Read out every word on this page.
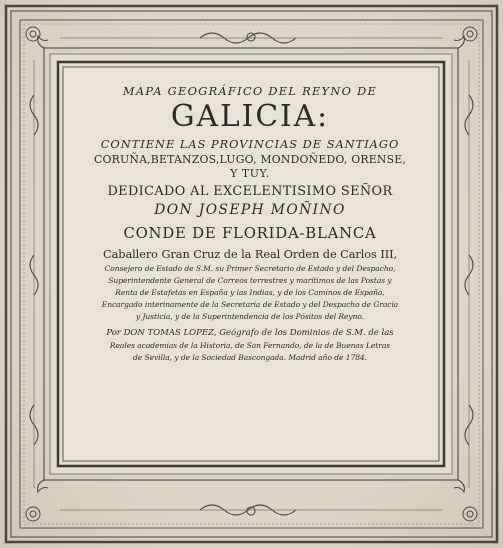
MAPA GEOGRÁFICO DEL REYNO DE
GALICIA:
CONTIENE LAS PROVINCIAS DE SANTIAGO
CORUÑA,BETANZOS,LUGO, MONDOÑEDO, ORENSE,
Y TUY.
DEDICADO AL EXCELENTISIMO SEÑOR
DON JOSEPH MOÑINO
CONDE DE FLORIDA-BLANCA
Caballero Gran Cruz de la Real Orden de Carlos III,
Consejero de Estado de S.M. su Primer Secretario de Estado y del Despacho,
Superintendente General de Correos terrestres y marítimos de las Postas y
Renta de Estafetas en España y las Indias, y de los Caminos de España,
Encargado interinamente de la Secretaria de Estado y del Despacho de Gracia
y Justicia, y de la Superintendencia de los Pósitos del Reyno.
Por DON TOMAS LOPEZ, Geógrafo de los Dominios de S.M. de las
Reales academias de la Historia, de San Fernando, de la de Buenas Letras
de Sevilla, y de la Sociedad Bascongada. Madrid año de 1784.
